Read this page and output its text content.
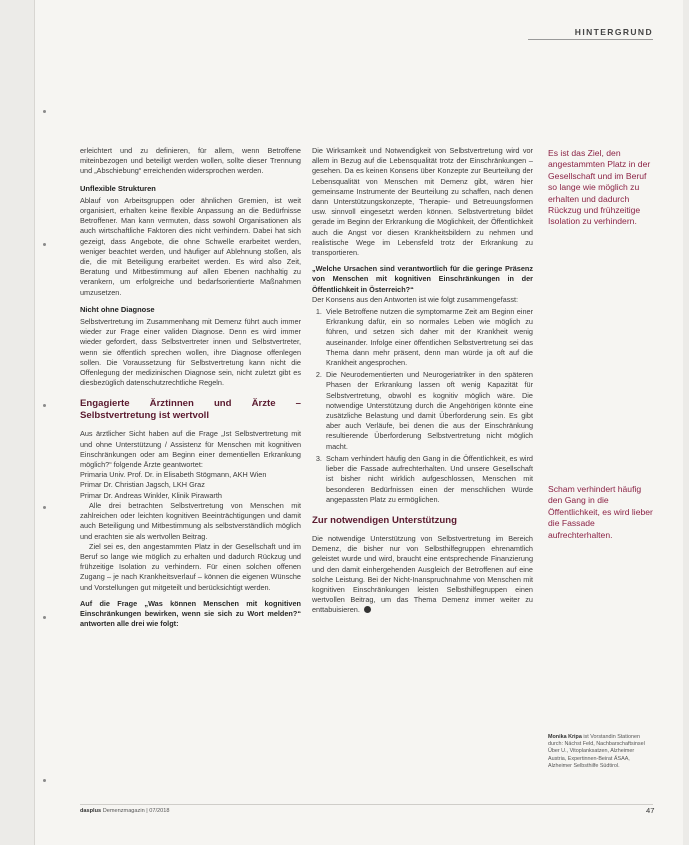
HINTERGRUND

erleichtert und zu definieren, für allem, wenn Betroffene miteinbezogen und beteiligt werden wollen, sollte dieser Trennung und „Abschiebung“ erreichenden widersprochen werden.

Unflexible Strukturen

Ablauf von Arbeitsgruppen oder ähnlichen Gremien, ist weit organisiert, erhalten keine flexible Anpassung an die Bedürfnisse Betroffener. Man kann vermuten, dass sowohl Organisationen als auch wirtschaftliche Faktoren dies nicht verhindern. Dabei hat sich gezeigt, dass Angebote, die ohne Schwelle erarbeitet werden, weniger beachtet werden, und häufiger auf Ablehnung stoßen, als die, die mit Beteiligung erarbeitet werden. Es wird also Zeit, Beratung und Mitbestimmung auf allen Ebenen nachhaltig zu verankern, um erfolgreiche und bedarfsorientierte Maßnahmen umzusetzen.

Nicht ohne Diagnose

Selbstvertretung im Zusammenhang mit Demenz führt auch immer wieder zur Frage einer validen Diagnose. Denn es wird immer wieder gefordert, dass Selbstvertreter innen und Selbstvertreter, wenn sie öffentlich sprechen wollen, ihre Diagnose offenlegen sollen. Die Voraussetzung für Selbstvertretung kann nicht die Offenlegung der medizinischen Diagnose sein, nicht zuletzt gibt es diesbezüglich datenschutzrechtliche Regeln.

Engagierte Ärztinnen und Ärzte – Selbstvertretung ist wertvoll

Aus ärztlicher Sicht haben auf die Frage „Ist Selbstvertretung mit und ohne Unterstützung / Assistenz für Menschen mit kognitiven Einschränkungen oder am Beginn einer dementiellen Erkrankung möglich?“ folgende Ärzte geantwortet:

Primaria Univ. Prof. Dr. in Elisabeth Stögmann, AKH Wien

Primar Dr. Christian Jagsch, LKH Graz

Primar Dr. Andreas Winkler, Klinik Pirawarth

Alle drei betrachten Selbstvertretung von Menschen mit zahlreichen oder leichten kognitiven Beeinträchtigungen und damit auch Beteiligung und Mitbestimmung als selbstverständlich möglich und erachten sie als wertvollen Beitrag.

Ziel sei es, den angestammten Platz in der Gesellschaft und im Beruf so lange wie möglich zu erhalten und dadurch Rückzug und frühzeitige Isolation zu verhindern. Für einen solchen offenen Zugang – je nach Krankheitsverlauf – können die eigenen Wünsche und Vorstellungen gut mitgeteilt und berücksichtigt werden.

Auf die Frage „Was können Menschen mit kognitiven Einschränkungen bewirken, wenn sie sich zu Wort melden?“ antworten alle drei wie folgt:

Die Wirksamkeit und Notwendigkeit von Selbstvertretung wird vor allem in Bezug auf die Lebensqualität trotz der Einschränkungen – gesehen. Da es keinen Konsens über Konzepte zur Beurteilung der Lebensqualität von Menschen mit Demenz gibt, wären hier gemeinsame Instrumente der Beurteilung zu schaffen, nach denen dann Unterstützungskonzepte, Therapie- und Betreuungsformen usw. sinnvoll eingesetzt werden können. Selbstvertretung bildet gerade im Beginn der Erkrankung die Möglichkeit, der Öffentlichkeit auch die Angst vor diesen Krankheitsbildern zu nehmen und realistische Wege im Lebensfeld trotz der Erkrankung zu transportieren.

„Welche Ursachen sind verantwortlich für die geringe Präsenz von Menschen mit kognitiven Einschränkungen in der Öffentlichkeit in Österreich?“

Der Konsens aus den Antworten ist wie folgt zusammengefasst:

1. Viele Betroffene nutzen die symptomarme Zeit am Beginn einer Erkrankung dafür, ein so normales Leben wie möglich zu führen, und setzen sich daher mit der Krankheit wenig auseinander. Infolge einer öffentlichen Selbstvertretung sei das Thema dann mehr präsent, denn man würde ja oft auf die Krankheit angesprochen.
2. Die Neurodementierten und Neurogeriatriker in den späteren Phasen der Erkrankung lassen oft wenig Kapazität für Selbstvertretung, obwohl es kognitiv möglich wäre. Die notwendige Unterstützung durch die Angehörigen könnte eine zusätzliche Belastung und damit Überforderung sein. Es gibt aber auch Verläufe, bei denen die aus der Einschränkung resultierende Überforderung Selbstvertretung nicht möglich macht.
3. Scham verhindert häufig den Gang in die Öffentlichkeit, es wird lieber die Fassade aufrechterhalten. Und unsere Gesellschaft ist bisher nicht wirklich aufgeschlossen, Menschen mit besonderen Bedürfnissen einen der menschlichen Würde angepassten Platz zu ermöglichen.
Zur notwendigen Unterstützung

Die notwendige Unterstützung von Selbstvertretung im Bereich Demenz, die bisher nur von Selbsthilfegruppen ehrenamtlich geleistet wurde und wird, braucht eine entsprechende Finanzierung und den damit einhergehenden Ausgleich der Betroffenen auf eine solche Leistung. Bei der Nicht-Inanspruchnahme von Menschen mit kognitiven Einschränkungen leisten Selbsthilfegruppen einen wertvollen Beitrag, um das Thema Demenz immer weiter zu enttabuisieren.

Es ist das Ziel, den angestammten Platz in der Gesellschaft und im Beruf so lange wie möglich zu erhalten und dadurch Rückzug und frühzeitige Isolation zu verhindern.
Scham verhindert häufig den Gang in die Öffentlichkeit, es wird lieber die Fassade aufrechterhalten.
Monika Kripa ist Vorstandin Stationen durch: Nächst Feld, Nachbarschaftsinsel Über U., Vitoplanksatzen, Alzheimer Austria, Expertinnen-Beirat ÄSAA, Alzheimer Selbsthilfe Südtirol.
dasplus Demenzmagazin | 07/2018	47
